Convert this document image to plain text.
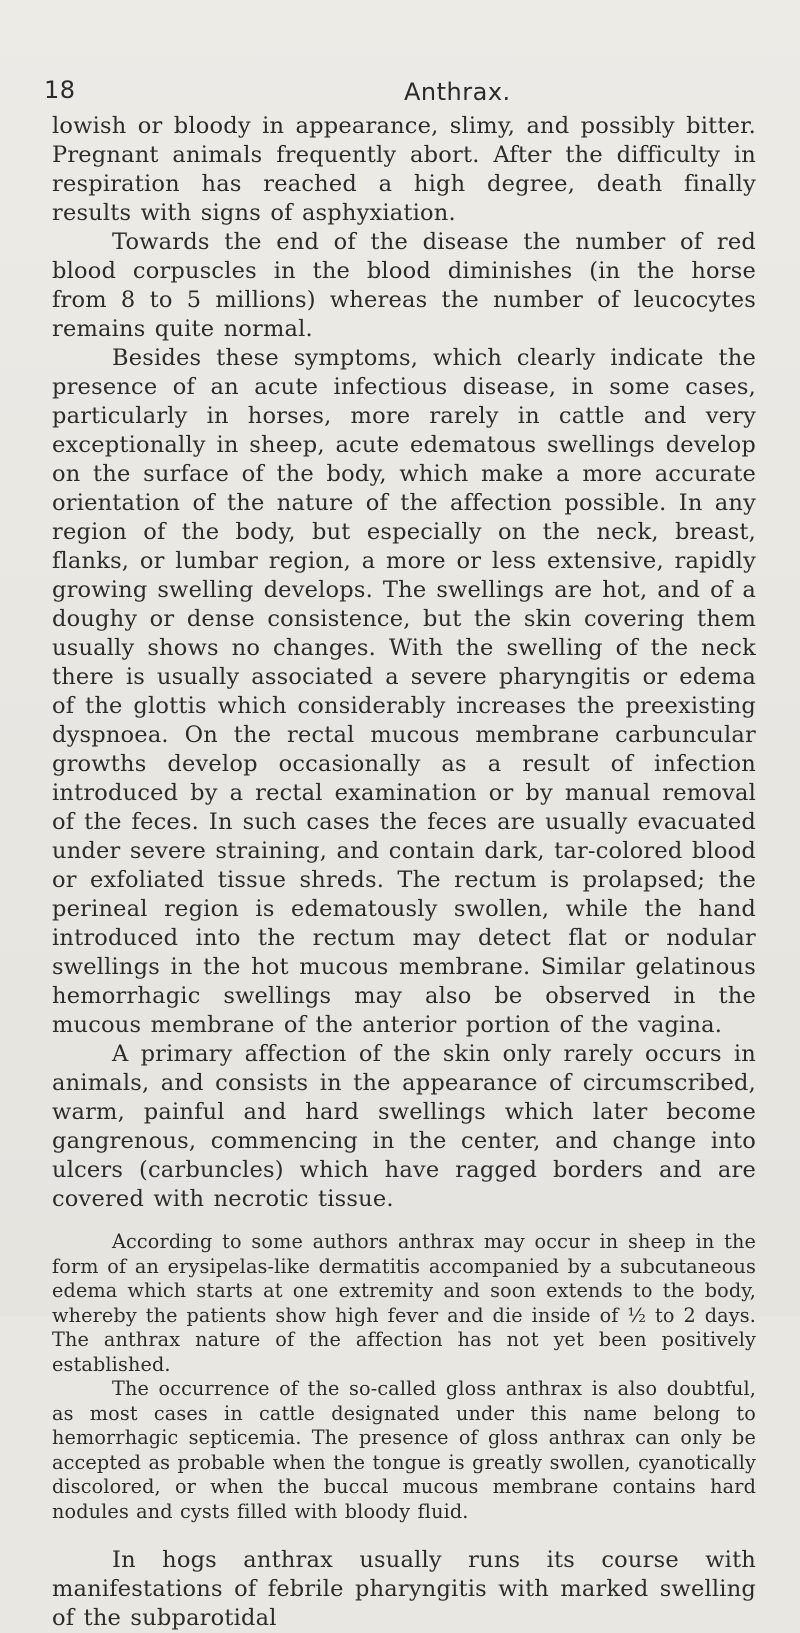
18	Anthrax.

lowish or bloody in appearance, slimy, and possibly bitter. Pregnant animals frequently abort. After the difficulty in respiration has reached a high degree, death finally results with signs of asphyxiation.

Towards the end of the disease the number of red blood corpuscles in the blood diminishes (in the horse from 8 to 5 millions) whereas the number of leucocytes remains quite normal.

Besides these symptoms, which clearly indicate the presence of an acute infectious disease, in some cases, particularly in horses, more rarely in cattle and very exceptionally in sheep, acute edematous swellings develop on the surface of the body, which make a more accurate orientation of the nature of the affection possible. In any region of the body, but especially on the neck, breast, flanks, or lumbar region, a more or less extensive, rapidly growing swelling develops. The swellings are hot, and of a doughy or dense consistence, but the skin covering them usually shows no changes. With the swelling of the neck there is usually associated a severe pharyngitis or edema of the glottis which considerably increases the preexisting dyspnoea. On the rectal mucous membrane carbuncular growths develop occasionally as a result of infection introduced by a rectal examination or by manual removal of the feces. In such cases the feces are usually evacuated under severe straining, and contain dark, tar-colored blood or exfoliated tissue shreds. The rectum is prolapsed; the perineal region is edematously swollen, while the hand introduced into the rectum may detect flat or nodular swellings in the hot mucous membrane. Similar gelatinous hemorrhagic swellings may also be observed in the mucous membrane of the anterior portion of the vagina.

A primary affection of the skin only rarely occurs in animals, and consists in the appearance of circumscribed, warm, painful and hard swellings which later become gangrenous, commencing in the center, and change into ulcers (carbuncles) which have ragged borders and are covered with necrotic tissue.

According to some authors anthrax may occur in sheep in the form of an erysipelas-like dermatitis accompanied by a subcutaneous edema which starts at one extremity and soon extends to the body, whereby the patients show high fever and die inside of ½ to 2 days. The anthrax nature of the affection has not yet been positively established.

The occurrence of the so-called gloss anthrax is also doubtful, as most cases in cattle designated under this name belong to hemorrhagic septicemia. The presence of gloss anthrax can only be accepted as probable when the tongue is greatly swollen, cyanotically discolored, or when the buccal mucous membrane contains hard nodules and cysts filled with bloody fluid.

In hogs anthrax usually runs its course with manifestations of febrile pharyngitis with marked swelling of the subparotidal
